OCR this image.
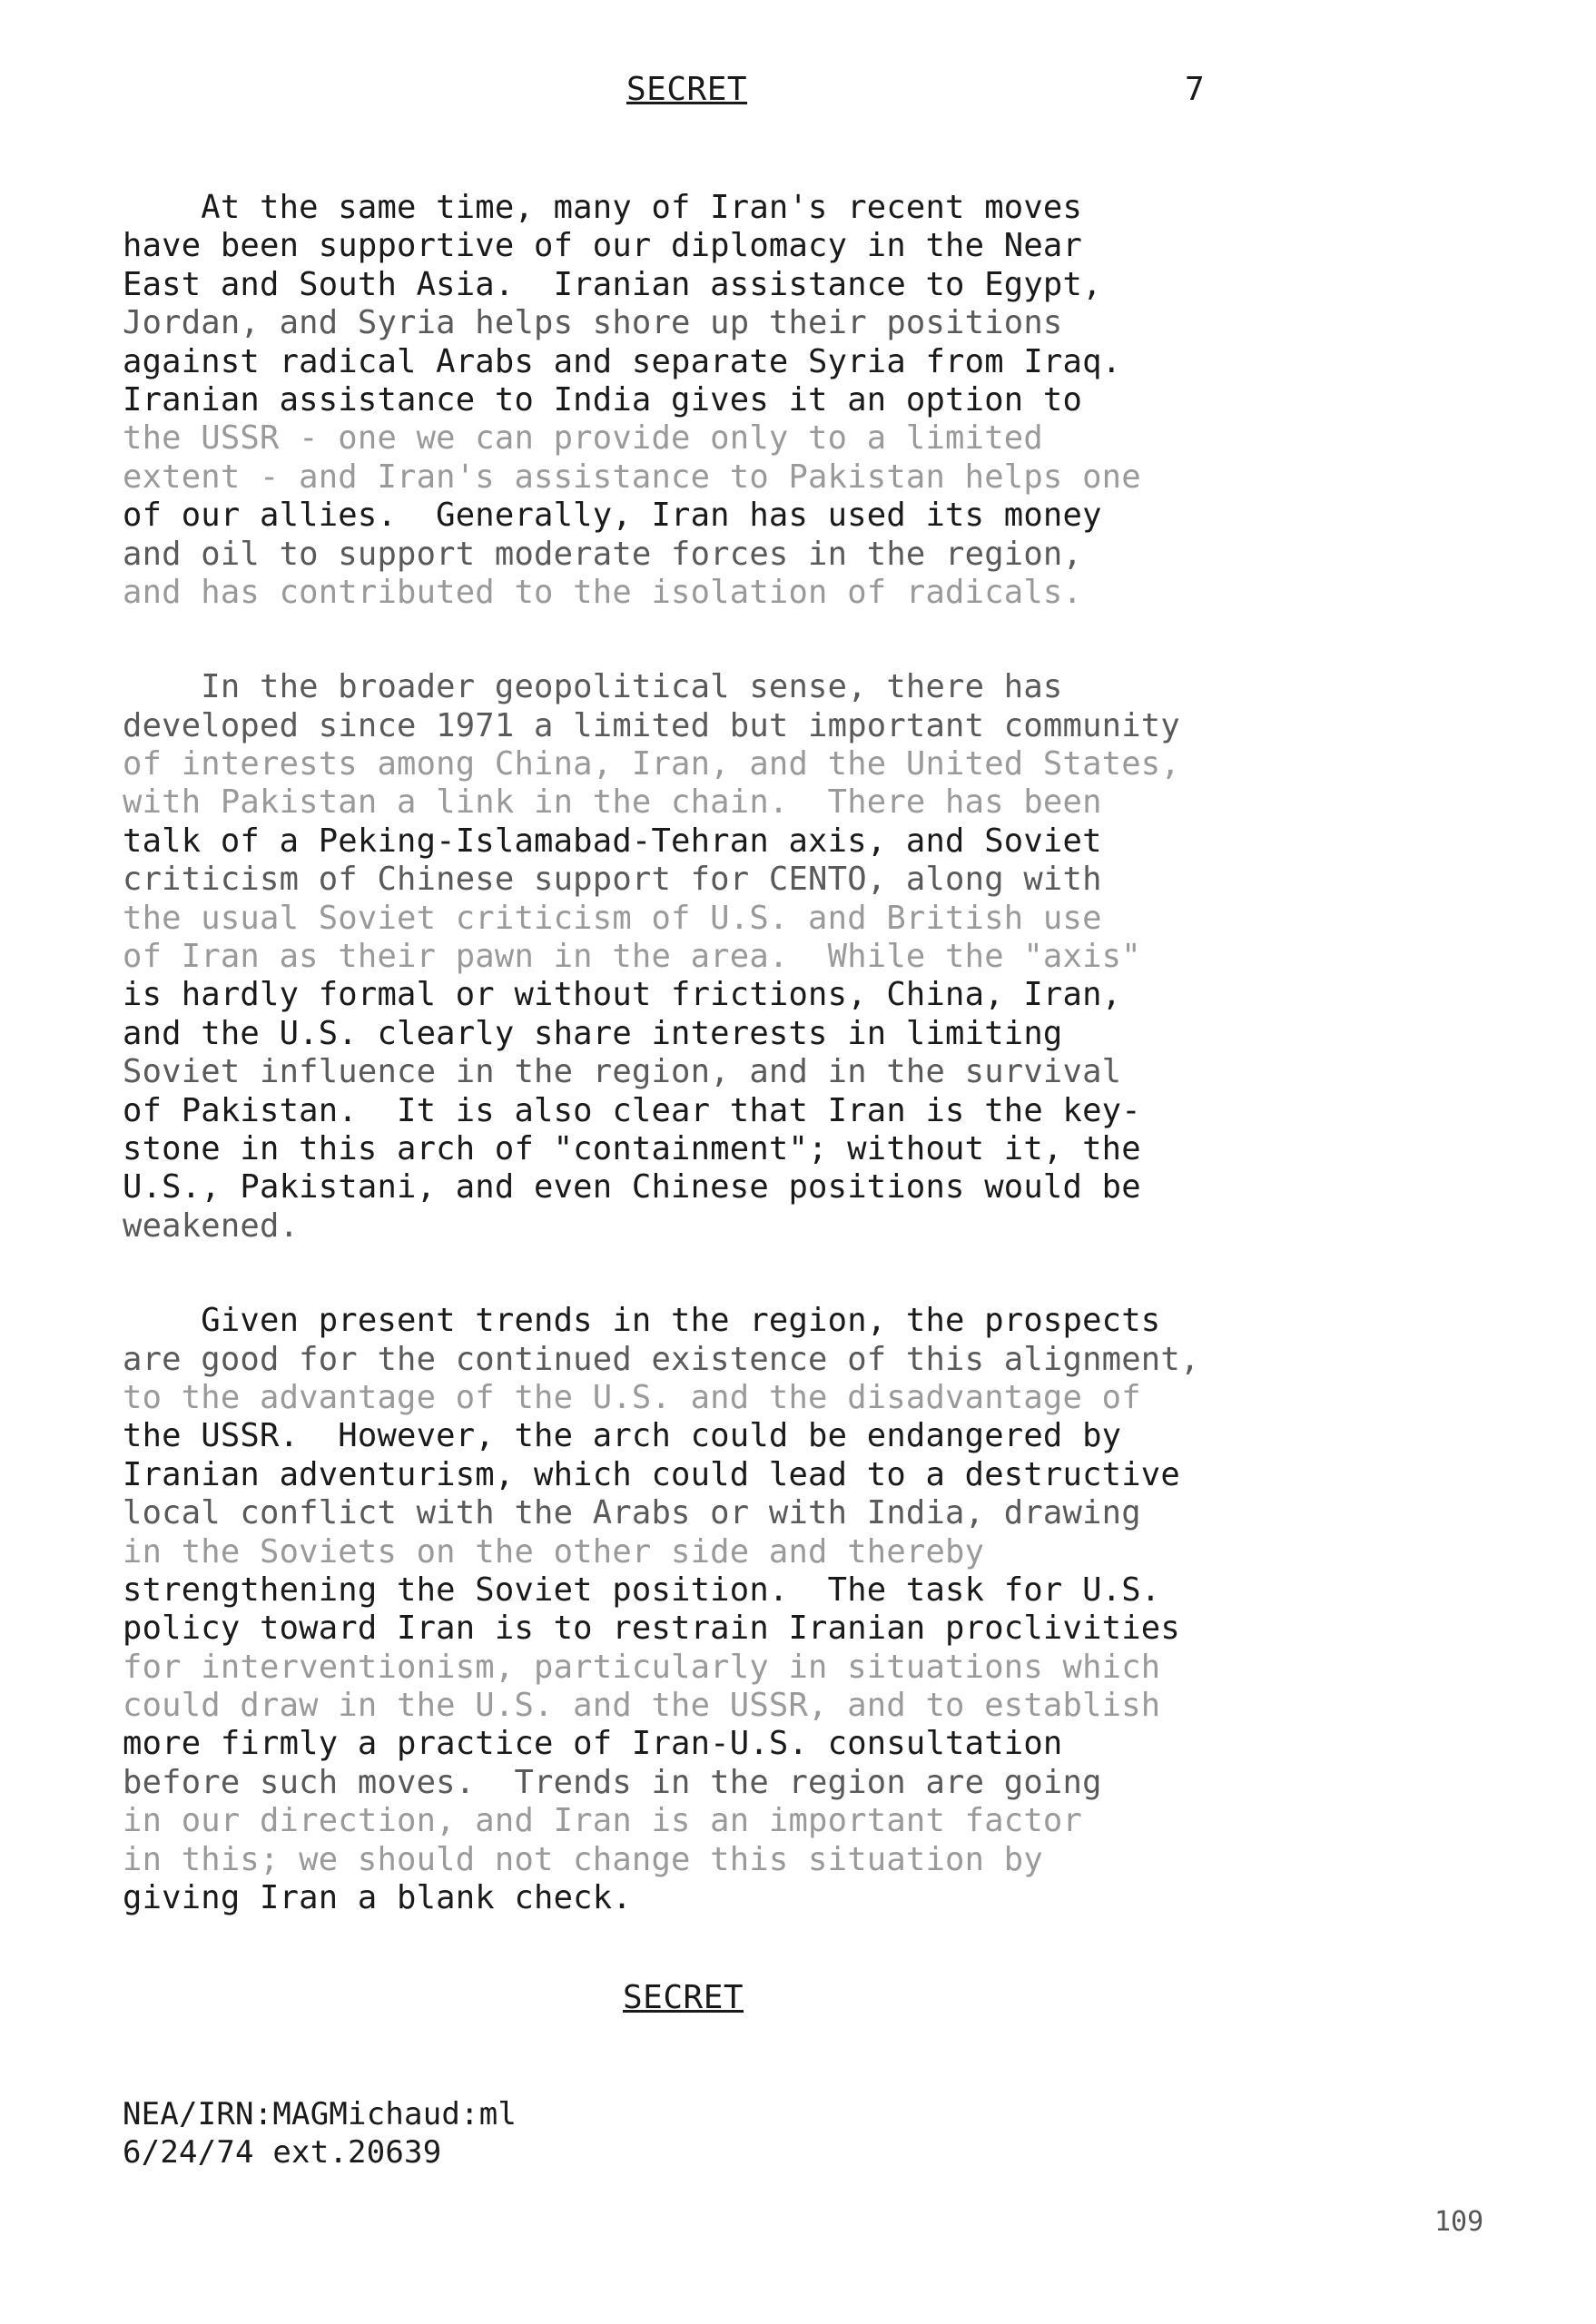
SECRET	7
At the same time, many of Iran's recent moves
have been supportive of our diplomacy in the Near
East and South Asia.  Iranian assistance to Egypt,
Jordan, and Syria helps shore up their positions
against radical Arabs and separate Syria from Iraq.
Iranian assistance to India gives it an option to
the USSR - one we can provide only to a limited
extent - and Iran's assistance to Pakistan helps one
of our allies.  Generally, Iran has used its money
and oil to support moderate forces in the region,
and has contributed to the isolation of radicals.
In the broader geopolitical sense, there has
developed since 1971 a limited but important community
of interests among China, Iran, and the United States,
with Pakistan a link in the chain.  There has been
talk of a Peking-Islamabad-Tehran axis, and Soviet
criticism of Chinese support for CENTO, along with
the usual Soviet criticism of U.S. and British use
of Iran as their pawn in the area.  While the "axis"
is hardly formal or without frictions, China, Iran,
and the U.S. clearly share interests in limiting
Soviet influence in the region, and in the survival
of Pakistan.  It is also clear that Iran is the key-
stone in this arch of "containment"; without it, the
U.S., Pakistani, and even Chinese positions would be
weakened.
Given present trends in the region, the prospects
are good for the continued existence of this alignment,
to the advantage of the U.S. and the disadvantage of
the USSR.  However, the arch could be endangered by
Iranian adventurism, which could lead to a destructive
local conflict with the Arabs or with India, drawing
in the Soviets on the other side and thereby
strengthening the Soviet position.  The task for U.S.
policy toward Iran is to restrain Iranian proclivities
for interventionism, particularly in situations which
could draw in the U.S. and the USSR, and to establish
more firmly a practice of Iran-U.S. consultation
before such moves.  Trends in the region are going
in our direction, and Iran is an important factor
in this; we should not change this situation by
giving Iran a blank check.
SECRET
NEA/IRN:MAGMichaud:ml
6/24/74 ext.20639
109
